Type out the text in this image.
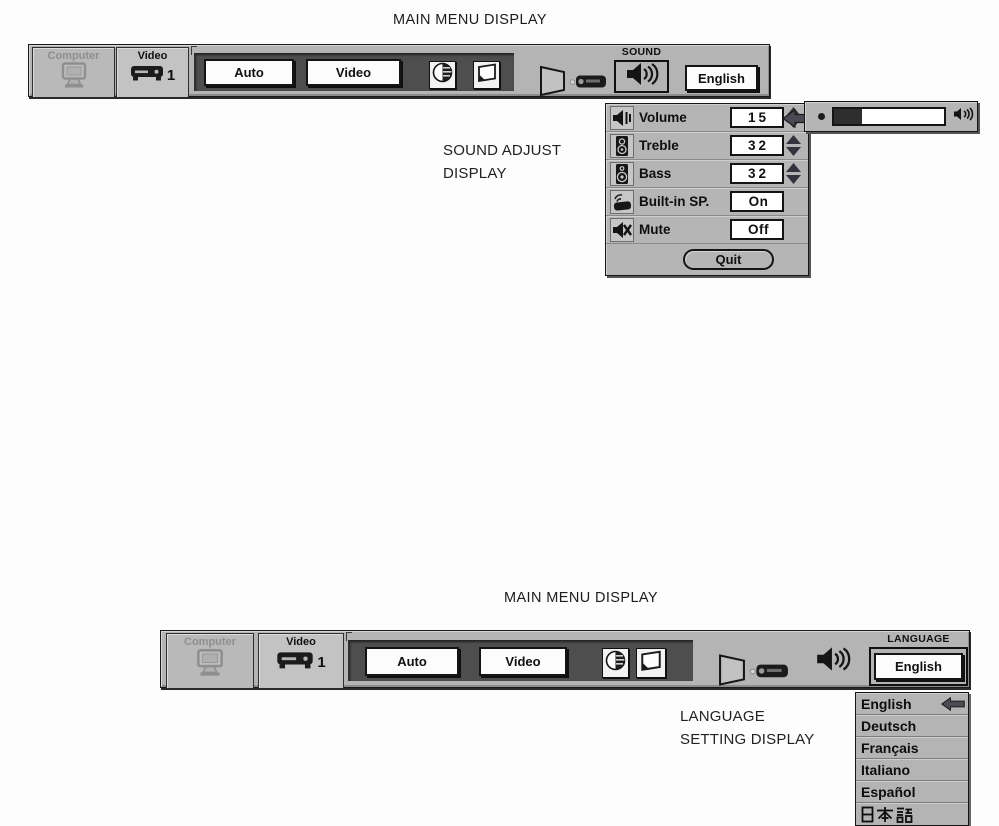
MAIN MENU DISPLAY
Computer	Video
1	Auto	Video
SOUND
English
Volume	15
Treble	32
Bass	32
Built-in SP.	On
Mute	Off
Quit
SOUND ADJUST
DISPLAY
MAIN MENU DISPLAY
Computer	Video
1	Auto	Video
LANGUAGE
English
English
Deutsch
Français
Italiano
Español
LANGUAGE
SETTING DISPLAY
